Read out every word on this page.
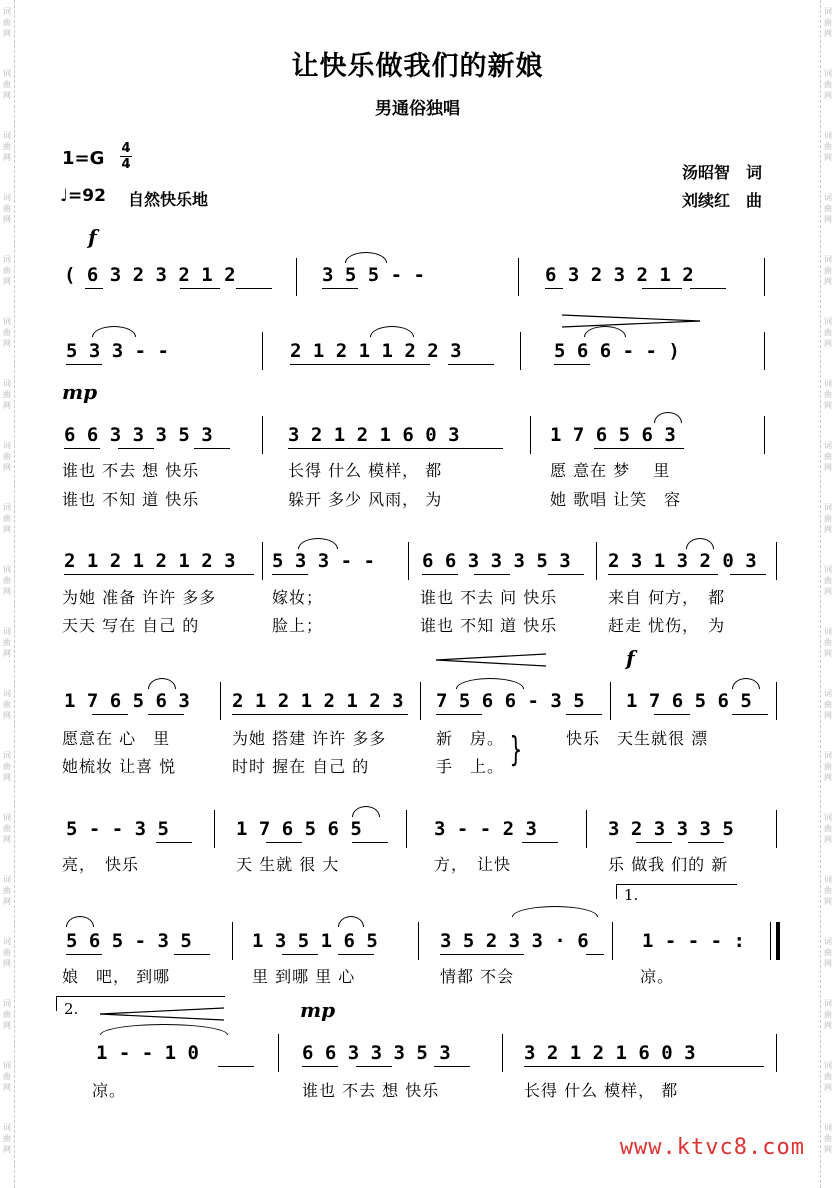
让快乐做我们的新娘
男通俗独唱
1=G 4
4
♩=92 自然快乐地
汤昭智　词
刘续红　曲
f
( 6 3 2 3 2 1 2	3 5 5 - -	6 3 2 3 2 1 2
5 3 3 - -	2 1 2 1 1 2 2 3	5 6 6 - - )
mp
6 6 3 3 3 5 3	3 2 1 2 1 6 0 3	1 7 6 5 6 3
谁也 不去 想 快乐	长得 什么 模样， 都	愿 意在 梦　 里
谁也 不知 道 快乐	躲开 多少 风雨， 为	她 歌唱 让笑　容
2 1 2 1 2 1 2 3 5 3 3 - - 6 6 3 3 3 5 3 2 3 1 3 2 0 3
为她 准备 许许 多多	嫁妆；	谁也 不去 问 快乐	来自 何方，　都
天天 写在 自己 的	脸上；	谁也 不知 道 快乐	赶走 忧伤，　为
f
1 7 6 5 6 3 2 1 2 1 2 1 2 3 7 5 6 6 - 3 5 1 7 6 5 6 5
愿意在 心　里	为她 搭建 许许 多多	新　房。	快乐　天生就很 漂
她梳妆 让喜 悦	时时 握在 自己 的	手　上。 }
5 - - 3 5	1 7 6 5 6 5	3 - - 2 3	3 2 3 3 3 5
亮，　快乐	天 生就 很 大	方，　让快	乐 做我 们的 新
1.
5 6 5 - 3 5	1 3 5 1 6 5	3 5 2 3 3 · 6	1 - - - :
娘　吧， 到哪	里 到哪 里 心	情都 不会	凉。
2.	mp
1 - - 1 0	6 6 3 3 3 5 3	3 2 1 2 1 6 0 3
凉。	谁也 不去 想 快乐	长得 什么 模样， 都
www.ktvc8.com
词
曲
网
词
曲
网
词
曲
网
词
曲
网
词
曲
网
词
曲
网
词
曲
网
词
曲
网
词
曲
网
词
曲
网
词
曲
网
词
曲
网
词
曲
网
词
曲
网
词
曲
网
词
曲
网
词
曲
网
词
曲
网
词
曲
网
词
曲
网
词
曲
网
词
曲
网
词
曲
网
词
曲
网
词
曲
网
词
曲
网
词
曲
网
词
曲
网
词
曲
网
词
曲
网
词
曲
网
词
曲
网
词
曲
网
词
曲
网
词
曲
网
词
曲
网
词
曲
网
词
曲
网
